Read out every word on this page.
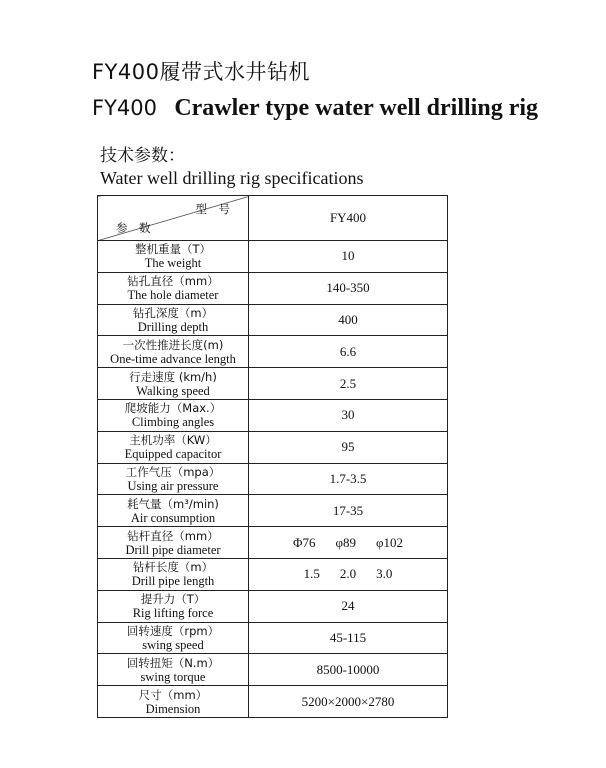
FY400履带式水井钻机
FY400 Crawler type water well drilling rig
技术参数：
Water well drilling rig specifications
型　号
参　数	FY400

整机重量（T）
The weight	10

钻孔直径（mm）
The hole diameter	140-350

钻孔深度（m）
Drilling depth	400

一次性推进长度(m)
One-time advance length	6.6

行走速度 (km/h)
Walking speed	2.5

爬坡能力（Max.）
Climbing angles	30

主机功率（KW）
Equipped capacitor	95

工作气压（mpa）
Using air pressure	1.7-3.5

耗气量（m³/min)
Air consumption	17-35

钻杆直径（mm）
Drill pipe diameter	Φ76 φ89 φ102

钻杆长度（m）
Drill pipe length	1.5 2.0 3.0

提升力（T）
Rig lifting force	24

回转速度（rpm）
swing speed	45-115

回转扭矩（N.m）
swing torque	8500-10000

尺寸（mm）
Dimension	5200×2000×2780
